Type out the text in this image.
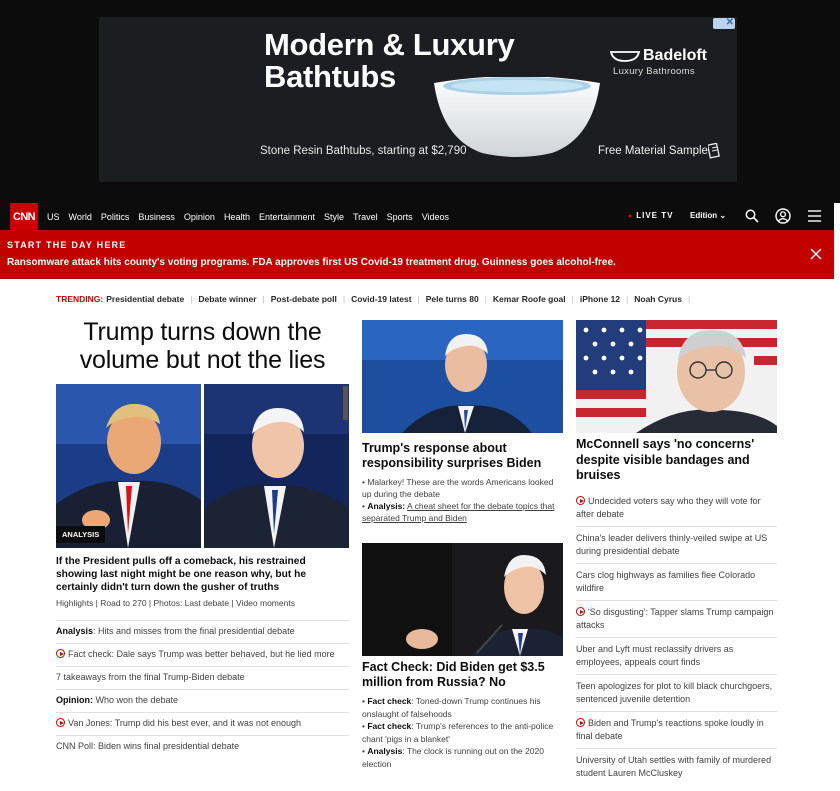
✕
Modern & Luxury
Bathtubs
Badeloft
Luxury Bathrooms
Stone Resin Bathtubs, starting at $2,790	Free Material Sample
CNN	US World Politics Business Opinion Health Entertainment Style Travel Sports Videos	● LIVE TV Edition ⌄
START THE DAY HERE
Ransomware attack hits county's voting programs. FDA approves first US Covid-19 treatment drug. Guinness goes alcohol-free.
TRENDING: Presidential debate | Debate winner | Post-debate poll | Covid-19 latest | Pele turns 80 | Kemar Roofe goal | iPhone 12 | Noah Cyrus |
Trump turns down the volume but not the lies
ANALYSIS
If the President pulls off a comeback, his restrained showing last night might be one reason why, but he certainly didn't turn down the gusher of truths
Highlights | Road to 270 | Photos: Last debate | Video moments
Analysis: Hits and misses from the final presidential debate
Fact check: Dale says Trump was better behaved, but he lied more
7 takeaways from the final Trump-Biden debate
Opinion: Who won the debate
Van Jones: Trump did his best ever, and it was not enough
CNN Poll: Biden wins final presidential debate
Trump's response about responsibility surprises Biden
• Malarkey! These are the words Americans looked up during the debate
• Analysis: A cheat sheet for the debate topics that separated Trump and Biden
Fact Check: Did Biden get $3.5 million from Russia? No
• Fact check: Toned-down Trump continues his onslaught of falsehoods
• Fact check: Trump's references to the anti-police chant 'pigs in a blanket'
• Analysis: The clock is running out on the 2020 election
McConnell says 'no concerns' despite visible bandages and bruises
Undecided voters say who they will vote for after debate
China's leader delivers thinly-veiled swipe at US during presidential debate
Cars clog highways as families flee Colorado wildfire
'So disgusting': Tapper slams Trump campaign attacks
Uber and Lyft must reclassify drivers as employees, appeals court finds
Teen apologizes for plot to kill black churchgoers, sentenced juvenile detention
Biden and Trump's reactions spoke loudly in final debate
University of Utah settles with family of murdered student Lauren McCluskey
